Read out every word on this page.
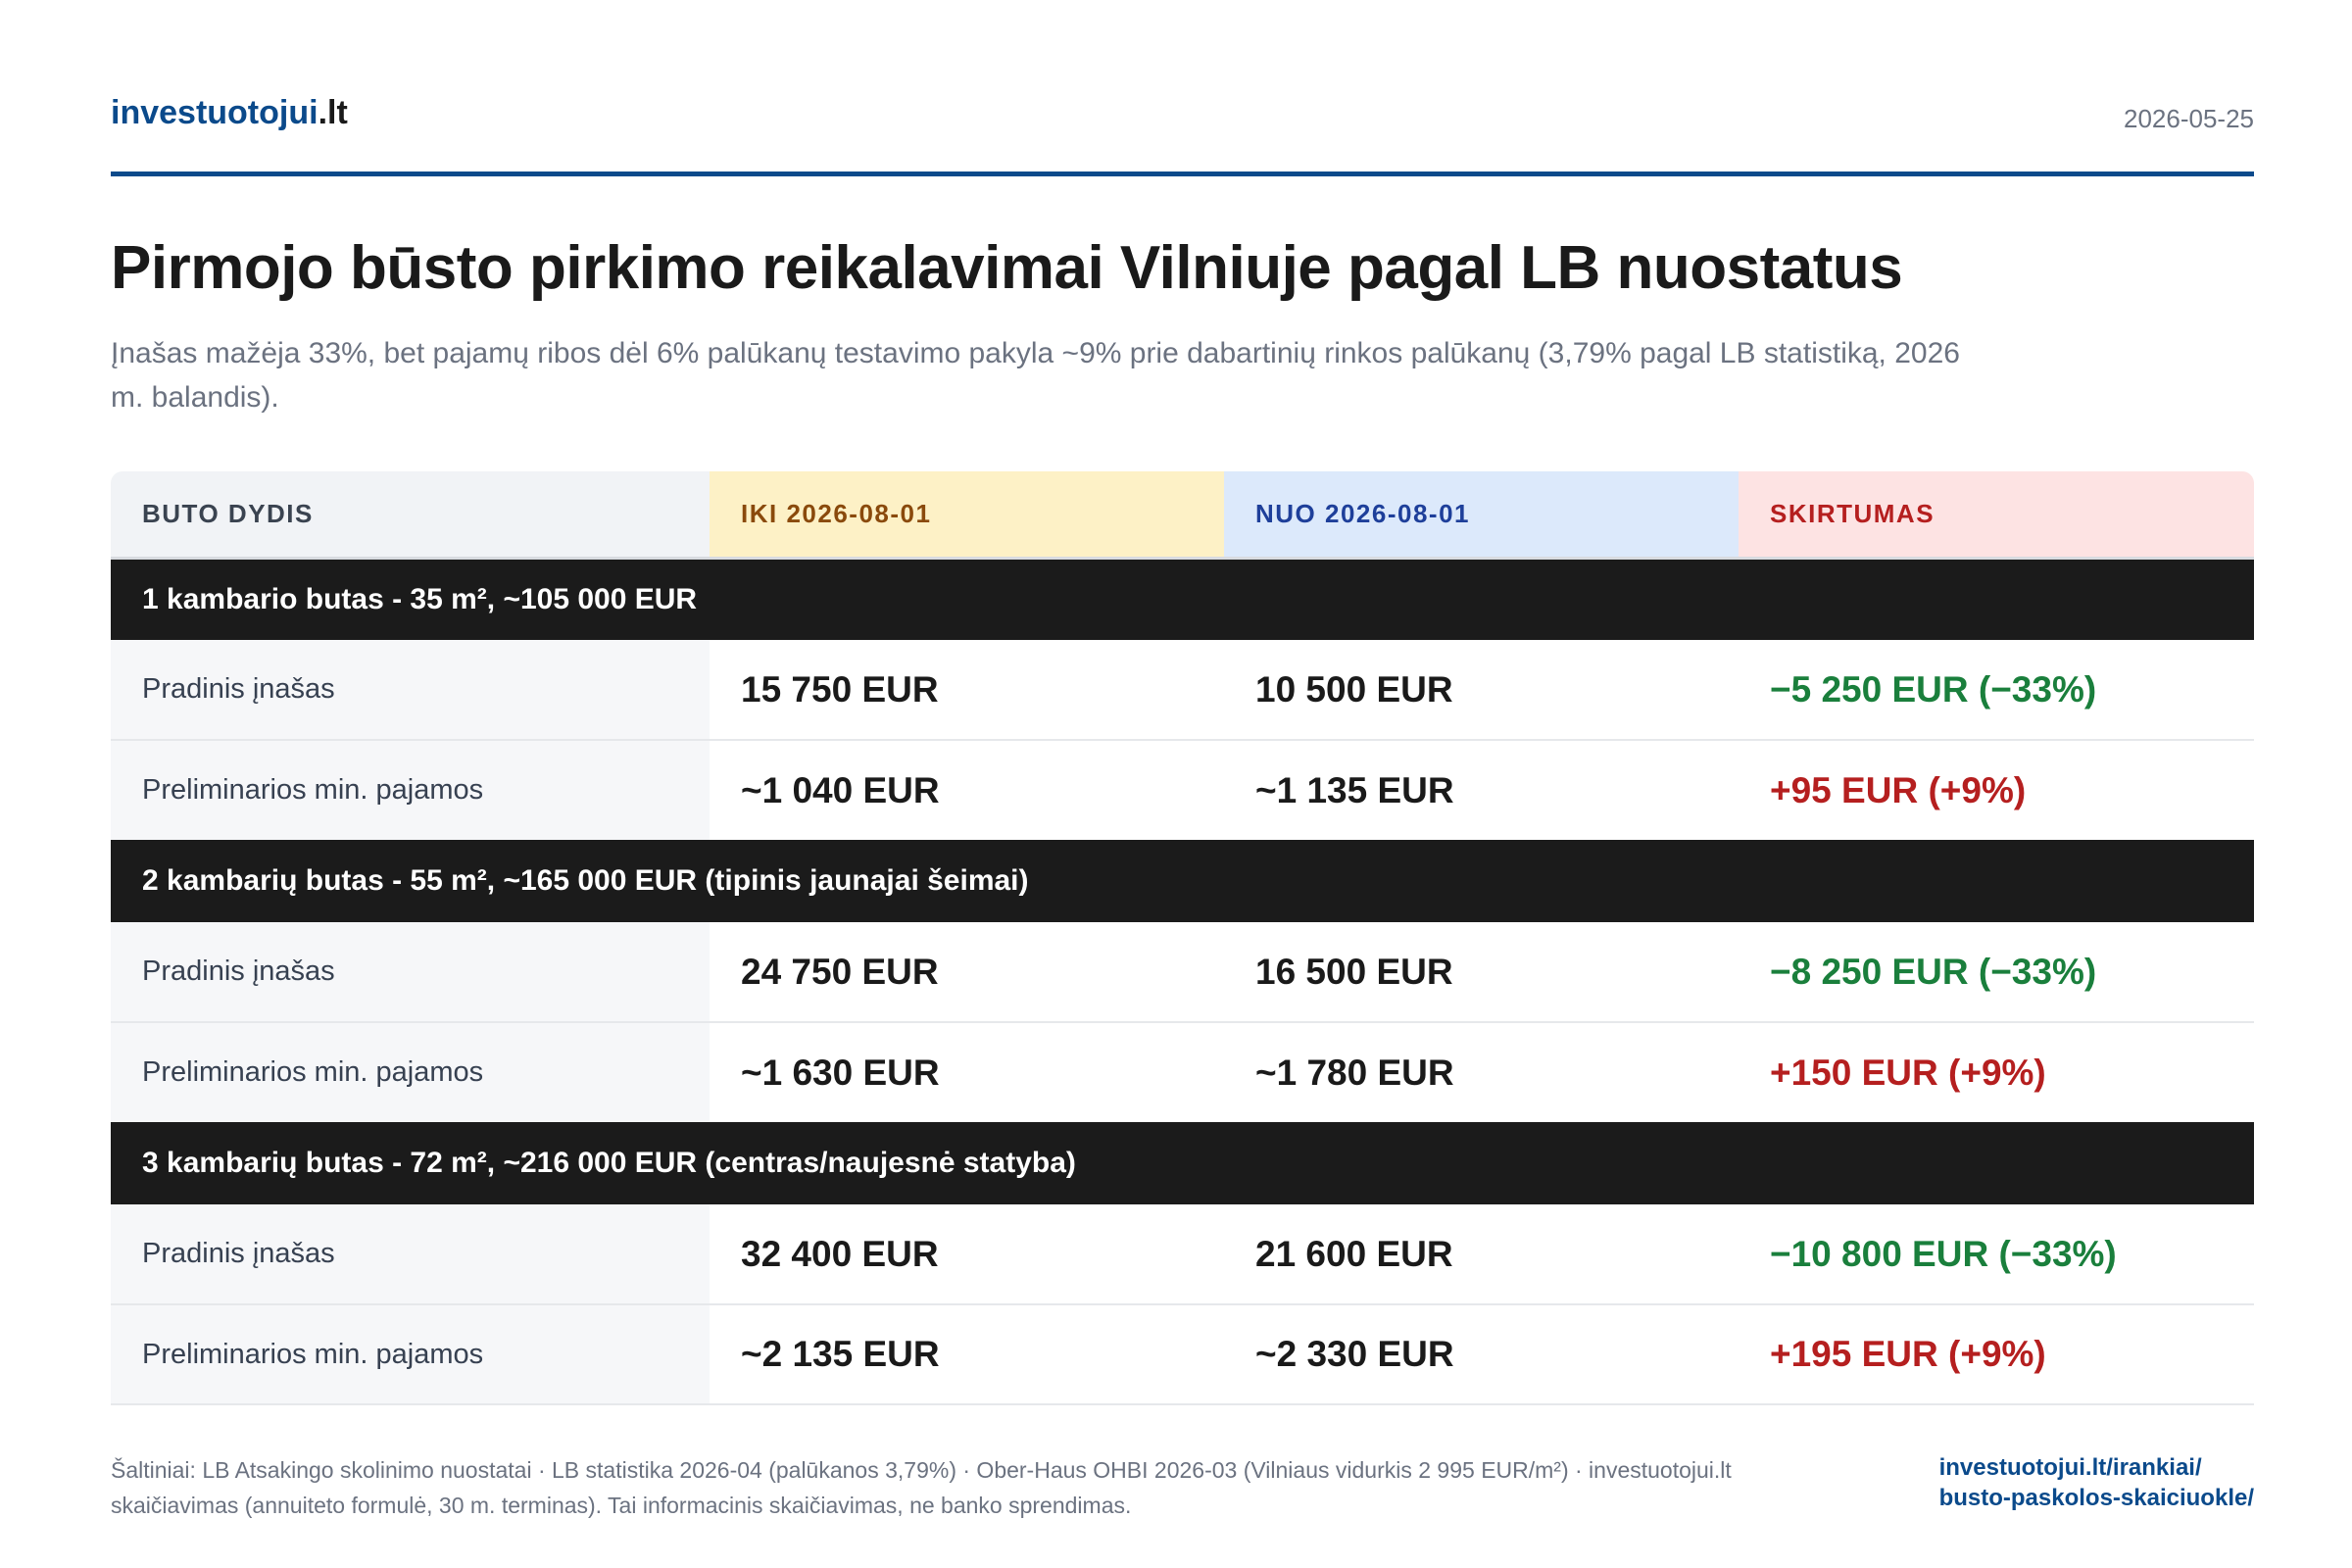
investuotojui.lt	2026-05-25
Pirmojo būsto pirkimo reikalavimai Vilniuje pagal LB nuostatus

Įnašas mažėja 33%, bet pajamų ribos dėl 6% palūkanų testavimo pakyla ~9% prie dabartinių rinkos palūkanų (3,79% pagal LB statistiką, 2026 m. balandis).

BUTO DYDIS	IKI 2026-08-01	NUO 2026-08-01	SKIRTUMAS
1 kambario butas - 35 m², ~105 000 EUR			
Pradinis įnašas	15 750 EUR	10 500 EUR	−5 250 EUR (−33%)
Preliminarios min. pajamos	~1 040 EUR	~1 135 EUR	+95 EUR (+9%)
2 kambarių butas - 55 m², ~165 000 EUR (tipinis jaunajai šeimai)			
Pradinis įnašas	24 750 EUR	16 500 EUR	−8 250 EUR (−33%)
Preliminarios min. pajamos	~1 630 EUR	~1 780 EUR	+150 EUR (+9%)
3 kambarių butas - 72 m², ~216 000 EUR (centras/naujesnė statyba)			
Pradinis įnašas	32 400 EUR	21 600 EUR	−10 800 EUR (−33%)
Preliminarios min. pajamos	~2 135 EUR	~2 330 EUR	+195 EUR (+9%)

Šaltiniai: LB Atsakingo skolinimo nuostatai · LB statistika 2026-04 (palūkanos 3,79%) · Ober-Haus OHBI 2026-03 (Vilniaus vidurkis 2 995 EUR/m²) · investuotojui.lt skaičiavimas (annuiteto formulė, 30 m. terminas). Tai informacinis skaičiavimas, ne banko sprendimas.

investuotojui.lt/irankiai/
busto-paskolos-skaiciuokle/
